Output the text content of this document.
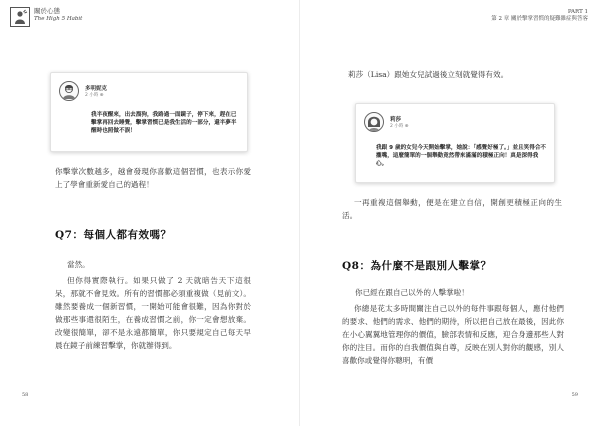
關於心態
The High 5 Habit
多明妮克
2 小時 ⊕
我半夜醒來，出去溜狗，我路過一面鏡子，停下來，趕在已擊掌再回去睡覺，擊掌習慣已是我生活的一部分，還半夢半醒時也照做不誤！
你擊掌次數越多，越會發現你喜歡這個習慣，也表示你愛上了學會重新愛自己的過程！
Q7：每個人都有效嗎？
當然。
但你得實際執行。如果只做了 2 天就暗告天下這很呆，那就不會見效。所有的習慣都必須重複做（見前文）。雖然要養成一個新習慣，一開始可能會很難，因為你對於做那些事還很陌生，在養成習慣之前，你一定會想放棄。改變很簡單，卻不是永遠都簡單，你只要規定自己每天早晨在鏡子前練習擊掌，你就辦得到。
58
PART 1
第 2 章 關於擊掌習慣的疑難雜症與答客
莉莎（Lisa）跟她女兒試過後立刻就覺得有效。
莉莎
2 小時 ⊕
我跟 9 歲的女兒今天開始擊掌，她說：「感覺好極了。」並且笑得合不攏嘴，這麼簡單的一個舉動竟然帶來滿滿的積極正向！真是深得我心。
一再重複這個舉動，便是在建立自信，開創更積極正向的生活。
Q8：為什麼不是跟別人擊掌？
你已經在跟自己以外的人擊掌啦！
你總是花太多時間關注自己以外的每件事跟每個人，應付他們的要求、他們的需求、他們的期待，所以把自己放在最後，因此你在小心翼翼地管理你的價值，臉部表情和反應，迎合身邊那些人對你的注目。而你的自我價值與自尊，反映在別人對你的觀感，別人喜歡你或覺得你聰明，有價
59
